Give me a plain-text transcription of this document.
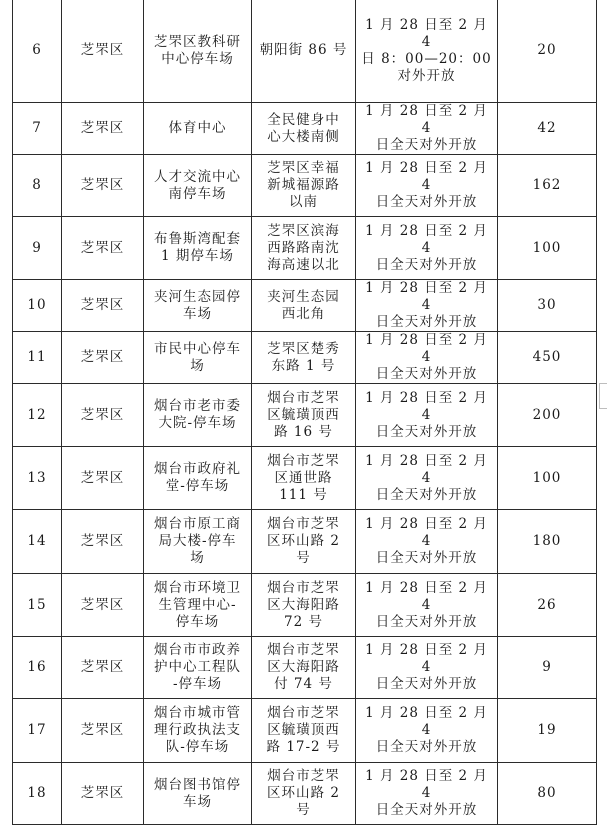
6	芝罘区	芝罘区教科研
中心停车场	朝阳街 86 号	1 月 28 日至 2 月 4
日 8：00—20：00
对外开放	20
7	芝罘区	体育中心	全民健身中
心大楼南侧	1 月 28 日至 2 月 4
日全天对外开放	42
8	芝罘区	人才交流中心
南停车场	芝罘区幸福
新城福源路
以南	1 月 28 日至 2 月 4
日全天对外开放	162
9	芝罘区	布鲁斯湾配套
1 期停车场	芝罘区滨海
西路路南沈
海高速以北	1 月 28 日至 2 月 4
日全天对外开放	100
10	芝罘区	夹河生态园停
车场	夹河生态园
西北角	1 月 28 日至 2 月 4
日全天对外开放	30
11	芝罘区	市民中心停车
场	芝罘区楚秀
东路 1 号	1 月 28 日至 2 月 4
日全天对外开放	450
12	芝罘区	烟台市老市委
大院-停车场	烟台市芝罘
区毓璜顶西
路 16 号	1 月 28 日至 2 月 4
日全天对外开放	200
13	芝罘区	烟台市政府礼
堂-停车场	烟台市芝罘
区通世路
111 号	1 月 28 日至 2 月 4
日全天对外开放	100
14	芝罘区	烟台市原工商
局大楼-停车
场	烟台市芝罘
区环山路 2
号	1 月 28 日至 2 月 4
日全天对外开放	180
15	芝罘区	烟台市环境卫
生管理中心-
停车场	烟台市芝罘
区大海阳路
72 号	1 月 28 日至 2 月 4
日全天对外开放	26
16	芝罘区	烟台市市政养
护中心工程队
-停车场	烟台市芝罘
区大海阳路
付 74 号	1 月 28 日至 2 月 4
日全天对外开放	9
17	芝罘区	烟台市城市管
理行政执法支
队-停车场	烟台市芝罘
区毓璜顶西
路 17-2 号	1 月 28 日至 2 月 4
日全天对外开放	19
18	芝罘区	烟台图书馆停
车场	烟台市芝罘
区环山路 2
号	1 月 28 日至 2 月 4
日全天对外开放	80
